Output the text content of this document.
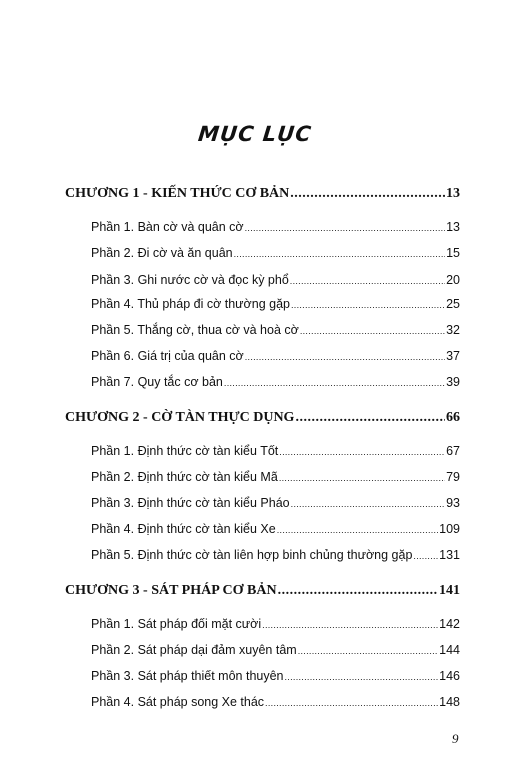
MỤC LỤC
CHƯƠNG 1 - KIẾN THỨC CƠ BẢN .....	13
Phần 1. Bàn cờ và quân cờ .....	13
Phần 2. Đi cờ và ăn quân .....	15
Phần 3. Ghi nước cờ và đọc kỳ phổ .....	20
Phần 4. Thủ pháp đi cờ thường gặp .....	25
Phần 5. Thắng cờ, thua cờ và hoà cờ .....	32
Phần 6. Giá trị của quân cờ .....	37
Phần 7. Quy tắc cơ bản .....	39
CHƯƠNG 2 - CỜ TÀN THỰC DỤNG .....	66
Phần 1. Định thức cờ tàn kiểu Tốt .....	67
Phần 2. Định thức cờ tàn kiểu Mã .....	79
Phần 3. Định thức cờ tàn kiểu Pháo .....	93
Phần 4. Định thức cờ tàn kiểu Xe .....	109
Phần 5. Định thức cờ tàn liên hợp binh chủng thường gặp ..... 131
CHƯƠNG 3 - SÁT PHÁP CƠ BẢN .....	141
Phần 1. Sát pháp đối mặt cười .....	142
Phần 2. Sát pháp dại đảm xuyên tâm .....	144
Phần 3. Sát pháp thiết môn thuyên .....	146
Phần 4. Sát pháp song Xe thác .....	148
9
